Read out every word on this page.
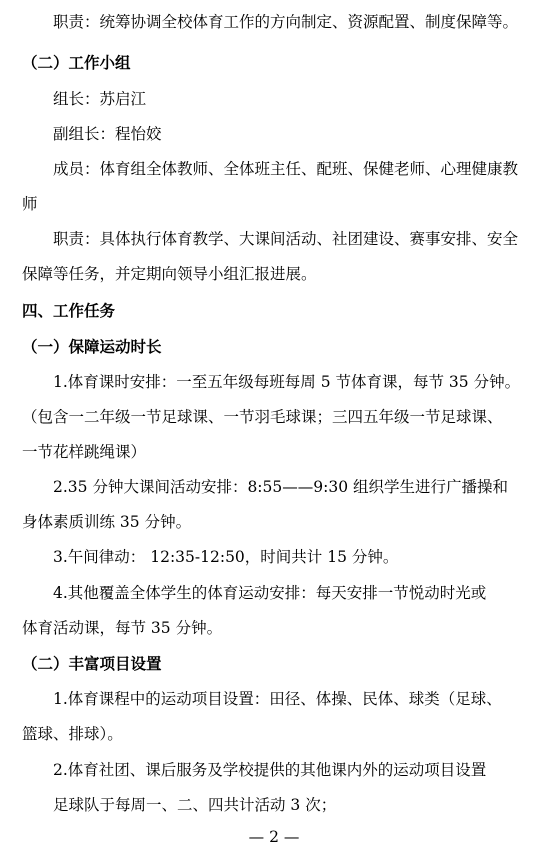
职责：统筹协调全校体育工作的方向制定、资源配置、制度保障等。
（二）工作小组
组长：苏启江
副组长：程怡姣
成员：体育组全体教师、全体班主任、配班、保健老师、心理健康教
师
职责：具体执行体育教学、大课间活动、社团建设、赛事安排、安全
保障等任务，并定期向领导小组汇报进展。
四、工作任务
（一）保障运动时长
1.体育课时安排：一至五年级每班每周 5 节体育课，每节 35 分钟。
（包含一二年级一节足球课、一节羽毛球课；三四五年级一节足球课、
一节花样跳绳课）
2.35 分钟大课间活动安排：8:55——9:30 组织学生进行广播操和
身体素质训练 35 分钟。
3.午间律动： 12:35-12:50，时间共计 15 分钟。
4.其他覆盖全体学生的体育运动安排：每天安排一节悦动时光或
体育活动课，每节 35 分钟。
（二）丰富项目设置
1.体育课程中的运动项目设置：田径、体操、民体、球类（足球、
篮球、排球）。
2.体育社团、课后服务及学校提供的其他课内外的运动项目设置
足球队于每周一、二、四共计活动 3 次；
— 2 —
